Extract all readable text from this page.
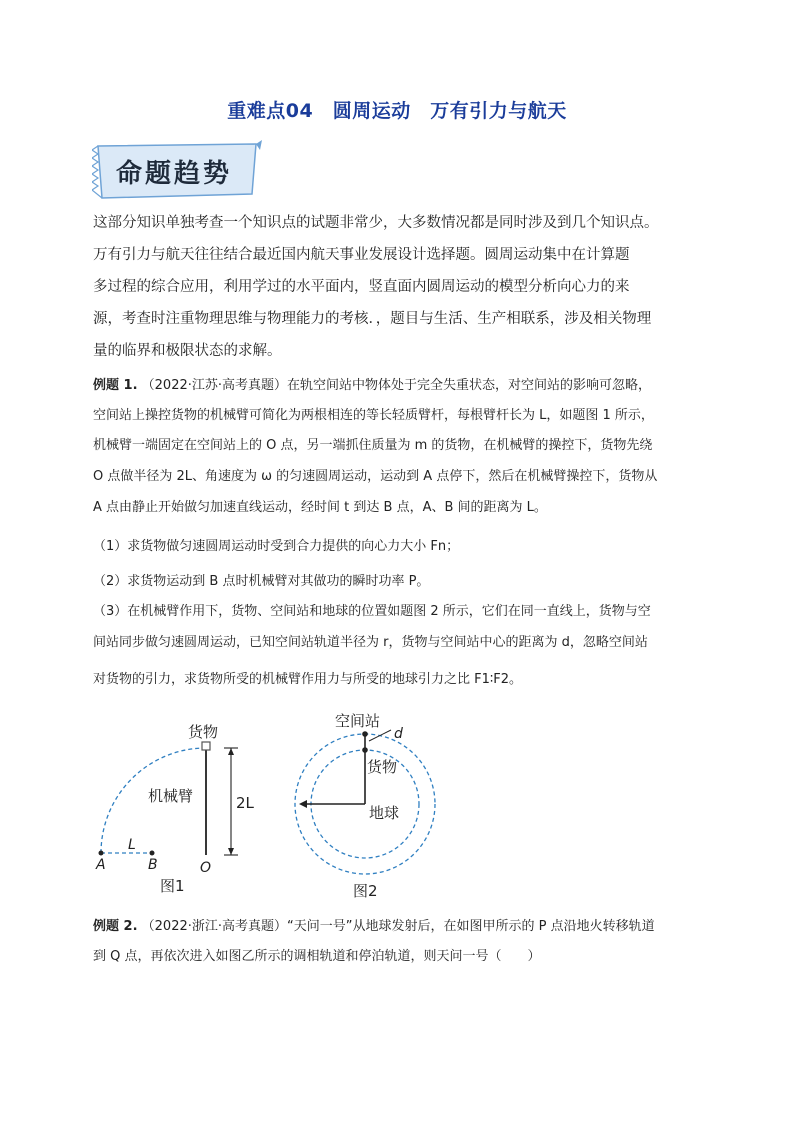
重难点04　圆周运动　万有引力与航天
命题趋势
这部分知识单独考查一个知识点的试题非常少，大多数情况都是同时涉及到几个知识点。
万有引力与航天往往结合最近国内航天事业发展设计选择题。圆周运动集中在计算题
多过程的综合应用，利用学过的水平面内，竖直面内圆周运动的模型分析向心力的来
源，考查时注重物理思维与物理能力的考核．，题目与生活、生产相联系，涉及相关物理
量的临界和极限状态的求解。
例题 1. （2022·江苏·高考真题）在轨空间站中物体处于完全失重状态，对空间站的影响可忽略，
空间站上操控货物的机械臂可简化为两根相连的等长轻质臂杆，每根臂杆长为 L，如题图 1 所示，
机械臂一端固定在空间站上的 O 点，另一端抓住质量为 m 的货物，在机械臂的操控下，货物先绕
O 点做半径为 2L、角速度为 ω 的匀速圆周运动，运动到 A 点停下，然后在机械臂操控下，货物从
A 点由静止开始做匀加速直线运动，经时间 t 到达 B 点，A、B 间的距离为 L。
（1）求货物做匀速圆周运动时受到合力提供的向心力大小 Fn；
（2）求货物运动到 B 点时机械臂对其做功的瞬时功率 P。
（3）在机械臂作用下，货物、空间站和地球的位置如题图 2 所示，它们在同一直线上，货物与空
间站同步做匀速圆周运动，已知空间站轨道半径为 r，货物与空间站中心的距离为 d，忽略空间站
对货物的引力，求货物所受的机械臂作用力与所受的地球引力之比 F1∶F2。
货物
机械臂	2L
L
A	B	O
图1
空间站
d
货物
地球
图2
例题 2. （2022·浙江·高考真题）“天问一号”从地球发射后，在如图甲所示的 P 点沿地火转移轨道
到 Q 点，再依次进入如图乙所示的调相轨道和停泊轨道，则天问一号（　　）
